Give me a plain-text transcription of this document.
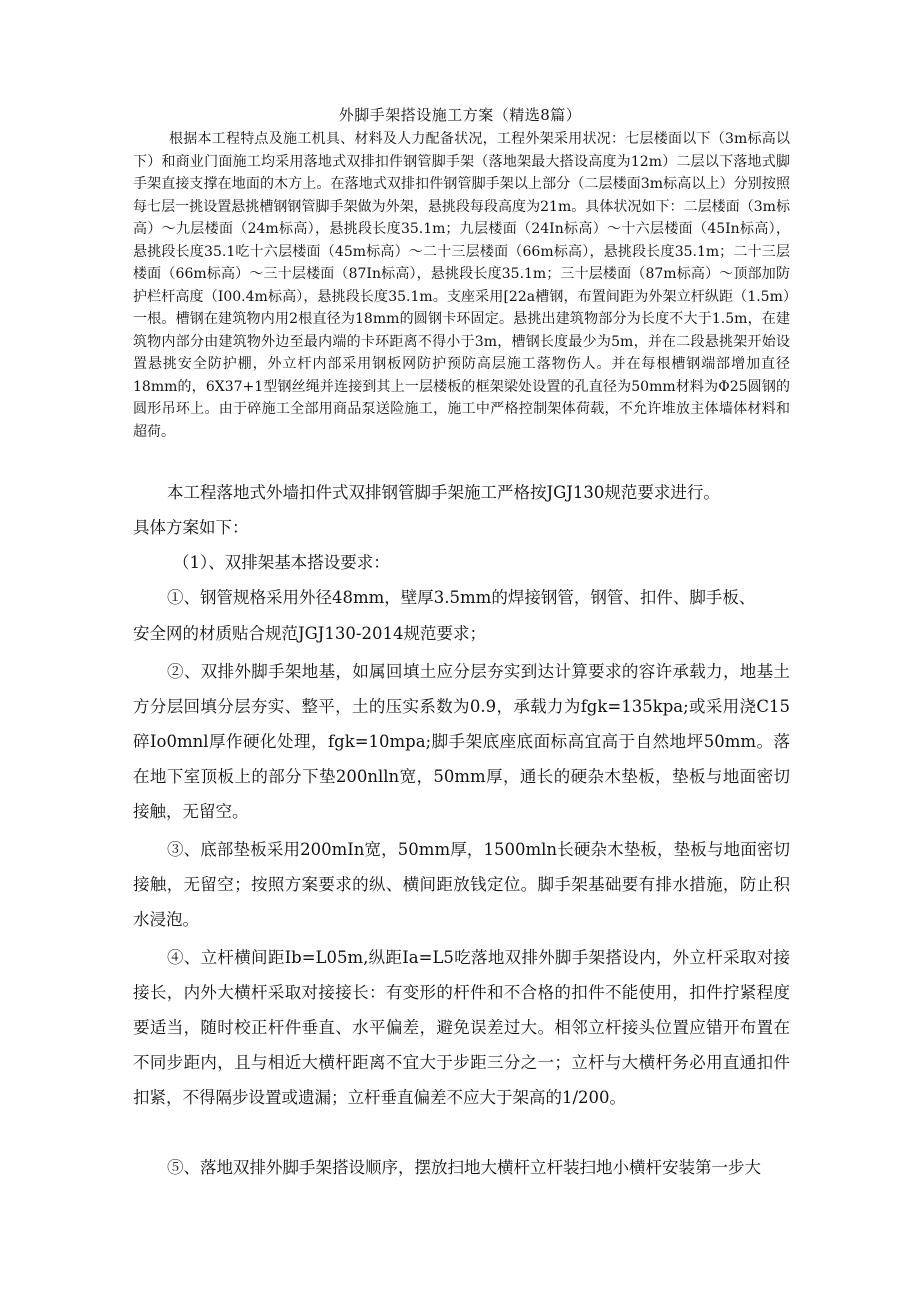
外脚手架搭设施工方案（精选8篇）

根据本工程特点及施工机具、材料及人力配备状况，工程外架采用状况：七层楼面以下（3m标高以下）和商业门面施工均采用落地式双排扣件钢管脚手架（落地架最大搭设高度为12m）二层以下落地式脚手架直接支撑在地面的木方上。在落地式双排扣件钢管脚手架以上部分（二层楼面3m标高以上）分别按照每七层一挑设置悬挑槽钢钢管脚手架做为外架，悬挑段每段高度为21m。具体状况如下：二层楼面（3m标高）～九层楼面（24m标高），悬挑段长度35.1m；九层楼面（24In标高）～十六层楼面（45In标高），悬挑段长度35.1吃十六层楼面（45m标高）～二十三层楼面（66m标高），悬挑段长度35.1m；二十三层楼面（66m标高）～三十层楼面（87In标高），悬挑段长度35.1m；三十层楼面（87m标高）～顶部加防护栏杆高度（I00.4m标高），悬挑段长度35.1m。支座采用[22a槽钢，布置间距为外架立杆纵距（1.5m）一根。槽钢在建筑物内用2根直径为18mm的圆钢卡环固定。悬挑出建筑物部分为长度不大于1.5m，在建筑物内部分由建筑物外边至最内端的卡环距离不得小于3m，槽钢长度最少为5m，并在二段悬挑架开始设置悬挑安全防护棚，外立杆内部采用钢板网防护预防高层施工落物伤人。并在每根槽钢端部增加直径18mm的，6X37+1型钢丝绳并连接到其上一层楼板的框架梁处设置的孔直径为50mm材料为Φ25圆钢的圆形吊环上。由于碎施工全部用商品泵送险施工，施工中严格控制架体荷载，不允许堆放主体墙体材料和超荷。

本工程落地式外墙扣件式双排钢管脚手架施工严格按JGJ130规范要求进行。

具体方案如下：

（1）、双排架基本搭设要求：

①、钢管规格采用外径48mm，壁厚3.5mm的焊接钢管，钢管、扣件、脚手板、

安全网的材质贴合规范JGJ130-2014规范要求；

②、双排外脚手架地基，如属回填土应分层夯实到达计算要求的容许承载力，地基土方分层回填分层夯实、整平，土的压实系数为0.9，承载力为fgk=135kpa;或采用浇C15碎Io0mnl厚作硬化处理，fgk=10mpa;脚手架底座底面标高宜高于自然地坪50mm。落在地下室顶板上的部分下垫200nlln宽，50mm厚，通长的硬杂木垫板，垫板与地面密切接触，无留空。

③、底部垫板采用200mIn宽，50mm厚，1500mln长硬杂木垫板，垫板与地面密切接触，无留空；按照方案要求的纵、横间距放钱定位。脚手架基础要有排水措施，防止积水浸泡。

④、立杆横间距Ib=L05m,纵距Ia=L5吃落地双排外脚手架搭设内，外立杆采取对接接长，内外大横杆采取对接接长：有变形的杆件和不合格的扣件不能使用，扣件拧紧程度要适当，随时校正杆件垂直、水平偏差，避免误差过大。相邻立杆接头位置应错开布置在不同步距内，且与相近大横杆距离不宜大于步距三分之一；立杆与大横杆务必用直通扣件扣紧，不得隔步设置或遗漏；立杆垂直偏差不应大于架高的1/200。

⑤、落地双排外脚手架搭设顺序，摆放扫地大横杆立杆装扫地小横杆安装第一步大
